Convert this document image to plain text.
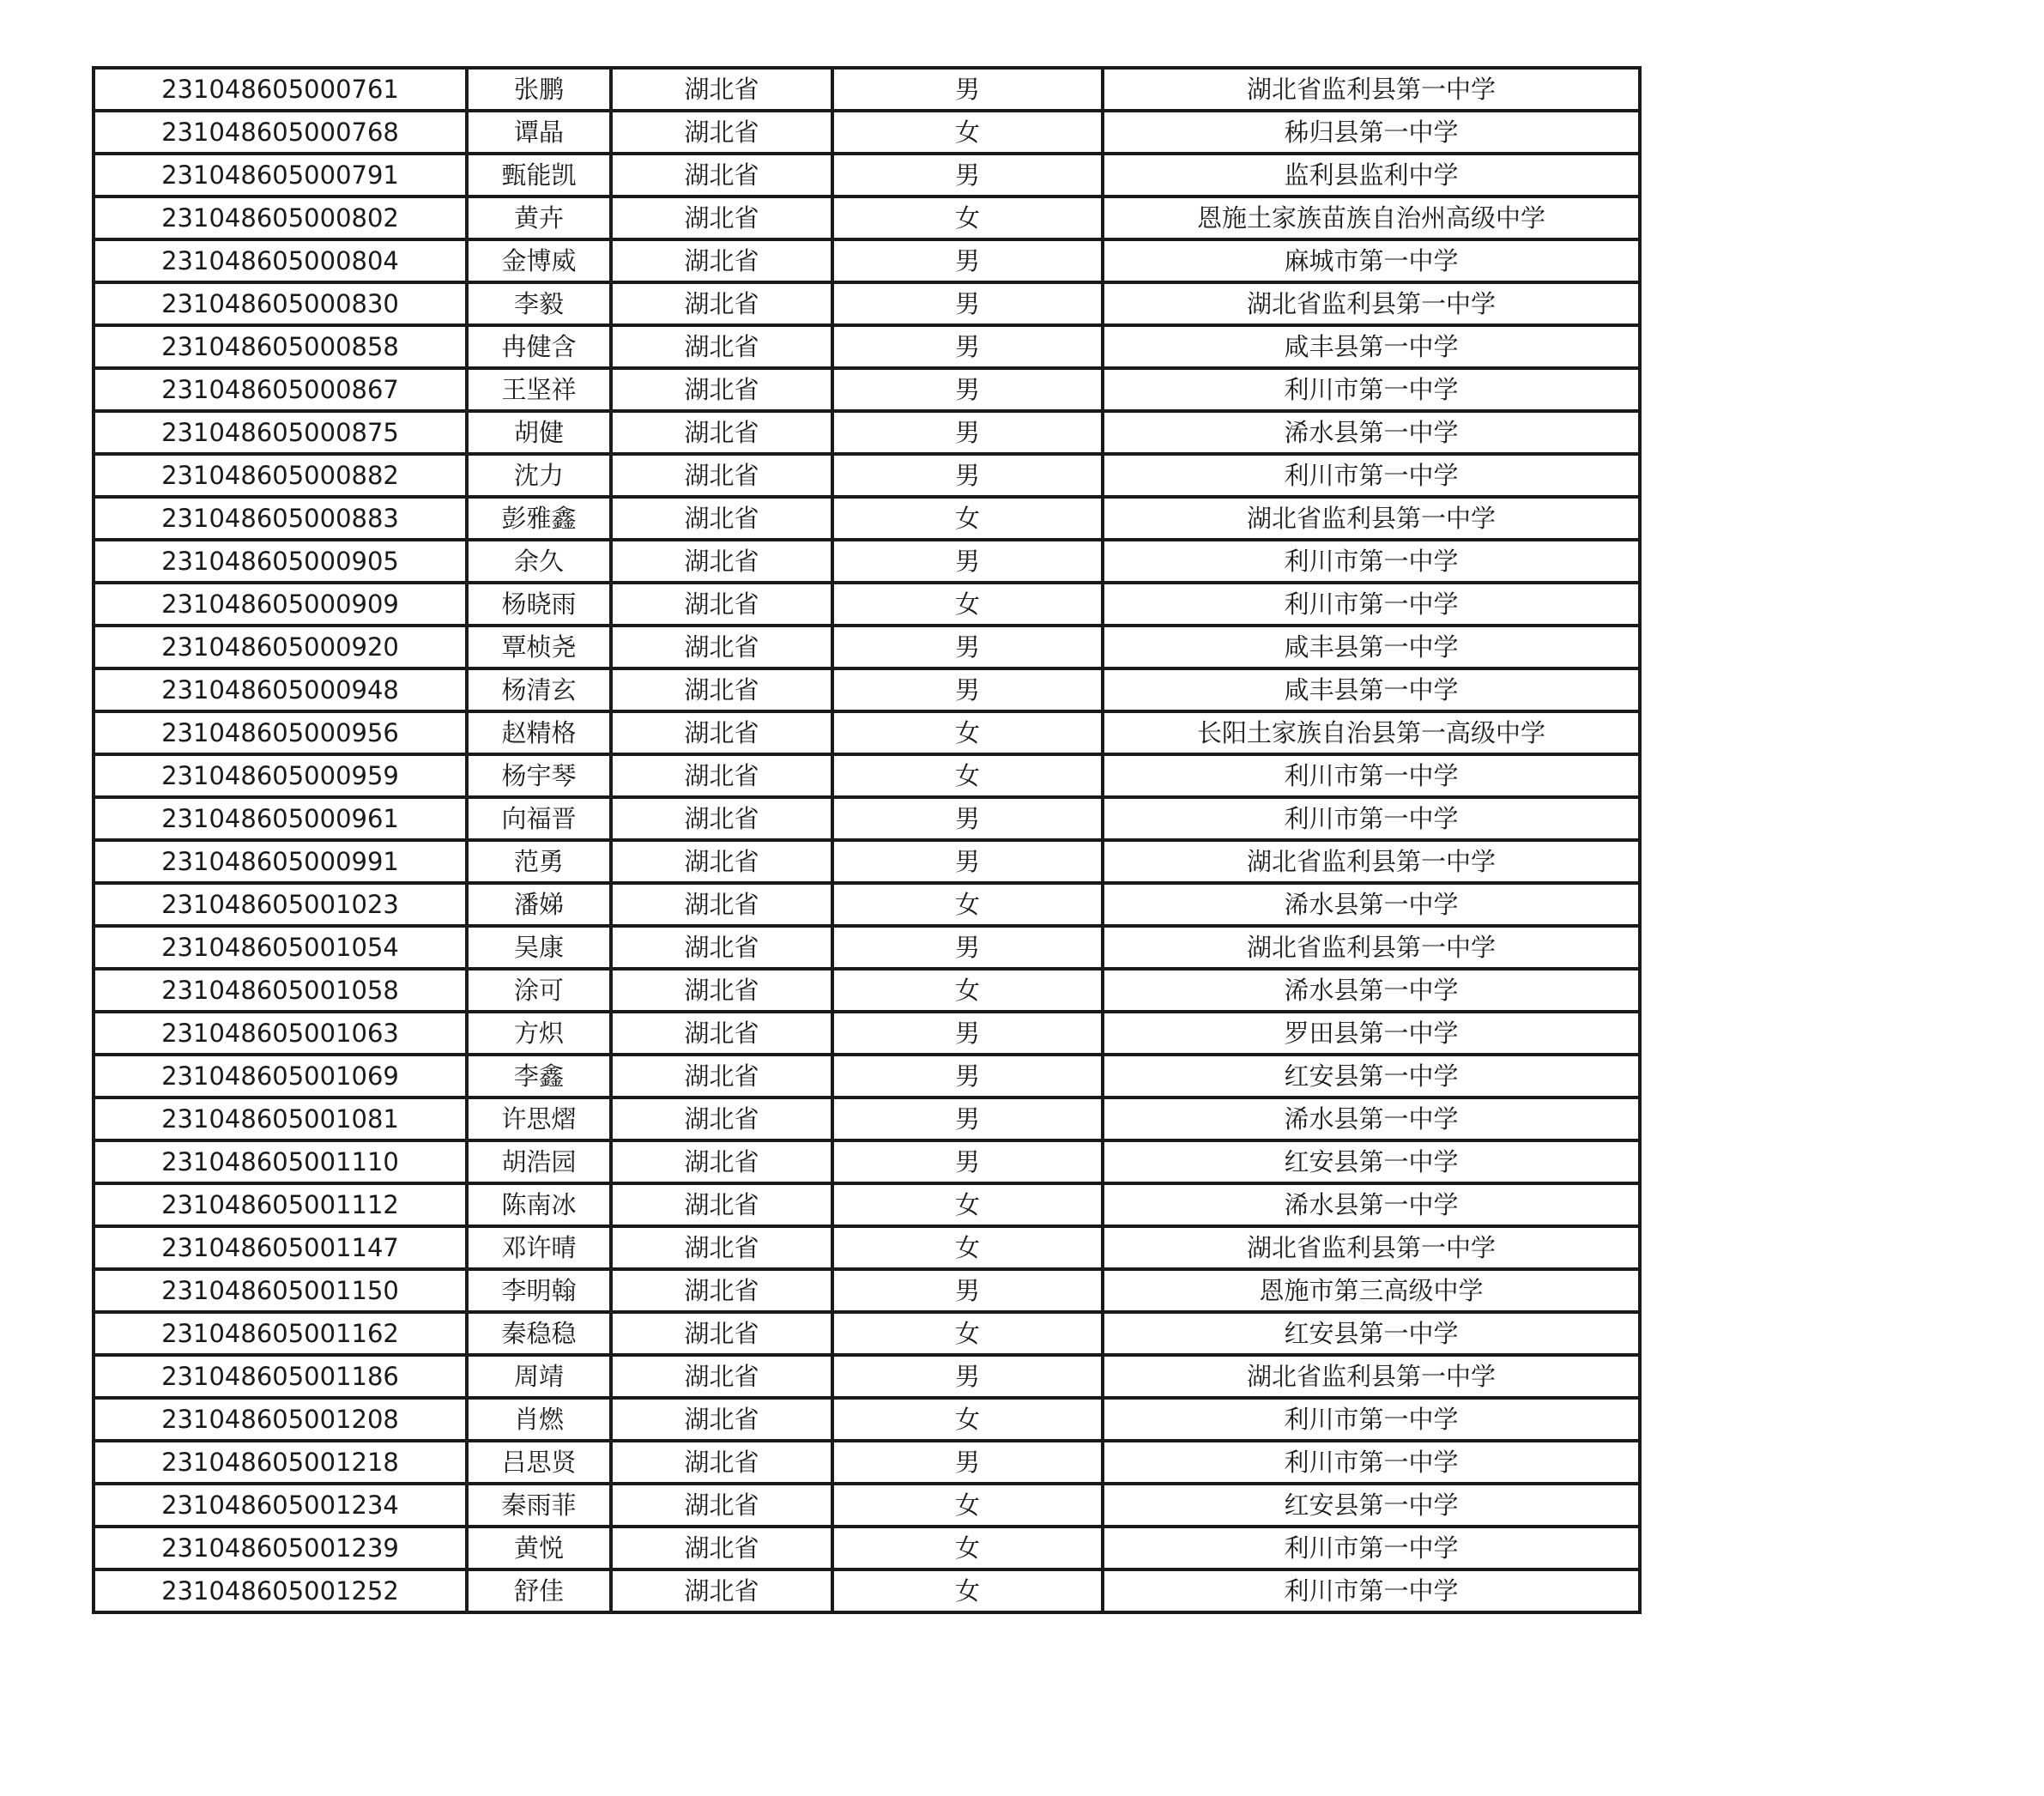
231048605000761	张鹏	湖北省	男	湖北省监利县第一中学
231048605000768	谭晶	湖北省	女	秭归县第一中学
231048605000791	甄能凯	湖北省	男	监利县监利中学
231048605000802	黄卉	湖北省	女	恩施土家族苗族自治州高级中学
231048605000804	金博威	湖北省	男	麻城市第一中学
231048605000830	李毅	湖北省	男	湖北省监利县第一中学
231048605000858	冉健含	湖北省	男	咸丰县第一中学
231048605000867	王坚祥	湖北省	男	利川市第一中学
231048605000875	胡健	湖北省	男	浠水县第一中学
231048605000882	沈力	湖北省	男	利川市第一中学
231048605000883	彭雅鑫	湖北省	女	湖北省监利县第一中学
231048605000905	余久	湖北省	男	利川市第一中学
231048605000909	杨晓雨	湖北省	女	利川市第一中学
231048605000920	覃桢尧	湖北省	男	咸丰县第一中学
231048605000948	杨清玄	湖北省	男	咸丰县第一中学
231048605000956	赵精格	湖北省	女	长阳土家族自治县第一高级中学
231048605000959	杨宇琴	湖北省	女	利川市第一中学
231048605000961	向福晋	湖北省	男	利川市第一中学
231048605000991	范勇	湖北省	男	湖北省监利县第一中学
231048605001023	潘娣	湖北省	女	浠水县第一中学
231048605001054	吴康	湖北省	男	湖北省监利县第一中学
231048605001058	涂可	湖北省	女	浠水县第一中学
231048605001063	方炽	湖北省	男	罗田县第一中学
231048605001069	李鑫	湖北省	男	红安县第一中学
231048605001081	许思熠	湖北省	男	浠水县第一中学
231048605001110	胡浩园	湖北省	男	红安县第一中学
231048605001112	陈南冰	湖北省	女	浠水县第一中学
231048605001147	邓许晴	湖北省	女	湖北省监利县第一中学
231048605001150	李明翰	湖北省	男	恩施市第三高级中学
231048605001162	秦稳稳	湖北省	女	红安县第一中学
231048605001186	周靖	湖北省	男	湖北省监利县第一中学
231048605001208	肖燃	湖北省	女	利川市第一中学
231048605001218	吕思贤	湖北省	男	利川市第一中学
231048605001234	秦雨菲	湖北省	女	红安县第一中学
231048605001239	黄悦	湖北省	女	利川市第一中学
231048605001252	舒佳	湖北省	女	利川市第一中学
